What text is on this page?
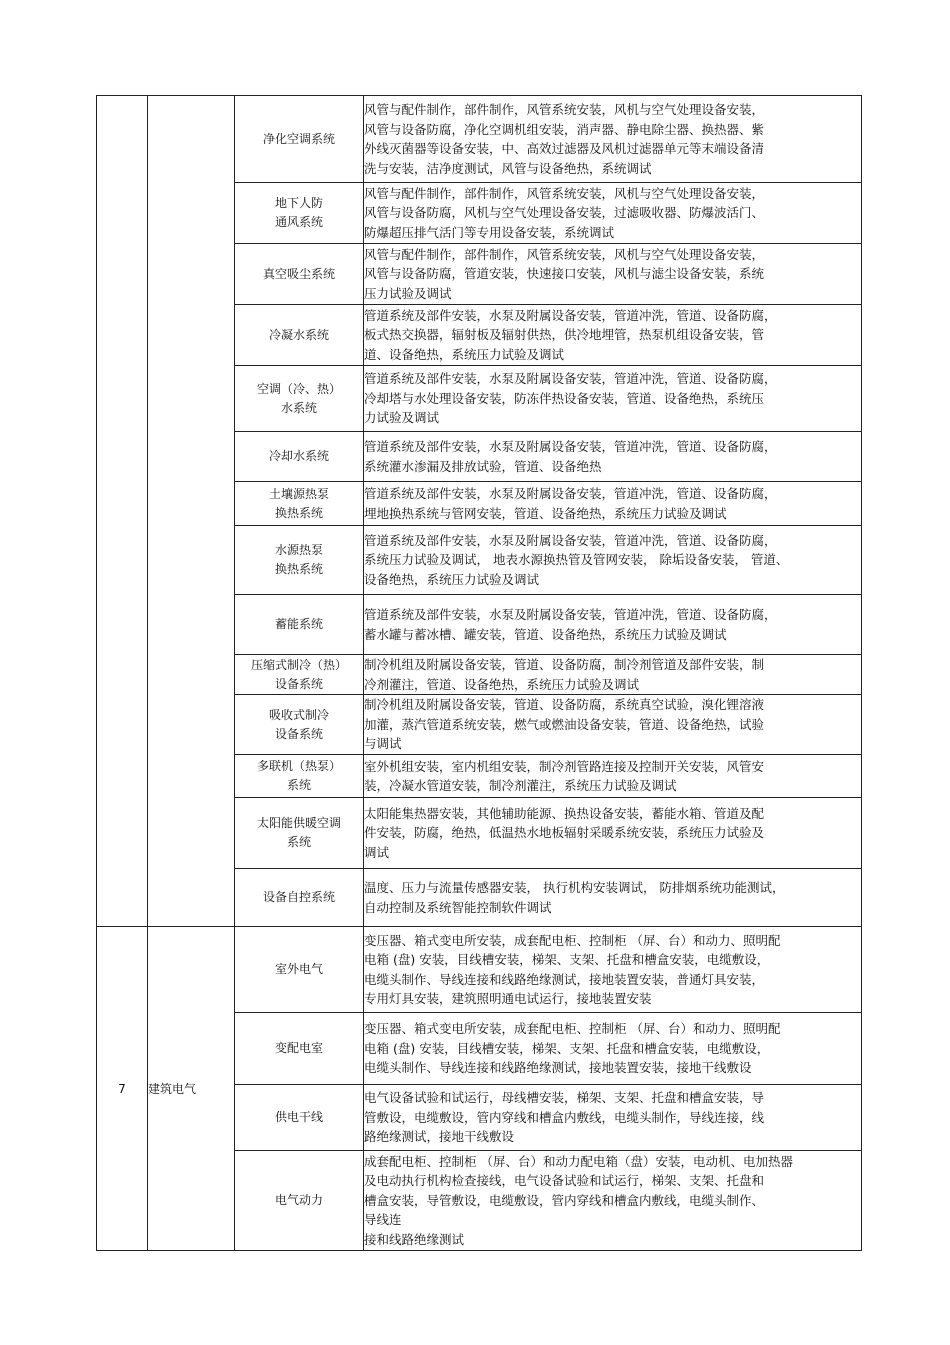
		净化空调系统	风管与配件制作，部件制作，风管系统安装，风机与空气处理设备安装，
风管与设备防腐，净化空调机组安装，消声器、静电除尘器、换热器、紫
外线灭菌器等设备安装，中、高效过滤器及风机过滤器单元等末端设备清
洗与安装，洁净度测试，风管与设备绝热，系统调试

		地下人防
通风系统	风管与配件制作，部件制作，风管系统安装，风机与空气处理设备安装，
风管与设备防腐，风机与空气处理设备安装，过滤吸收器、防爆波活门、
防爆超压排气活门等专用设备安装，系统调试

		真空吸尘系统	风管与配件制作，部件制作，风管系统安装，风机与空气处理设备安装，
风管与设备防腐，管道安装，快速接口安装，风机与滤尘设备安装，系统
压力试验及调试

		冷凝水系统	管道系统及部件安装，水泵及附属设备安装，管道冲洗，管道、设备防腐，
板式热交换器，辐射板及辐射供热，供冷地埋管，热泵机组设备安装，管
道、设备绝热，系统压力试验及调试

		空调（冷、热）
水系统	管道系统及部件安装，水泵及附属设备安装，管道冲洗，管道、设备防腐，
冷却塔与水处理设备安装，防冻伴热设备安装，管道、设备绝热，系统压
力试验及调试

		冷却水系统	管道系统及部件安装，水泵及附属设备安装，管道冲洗，管道、设备防腐，
系统灌水渗漏及排放试验，管道、设备绝热

		土壤源热泵
换热系统	管道系统及部件安装，水泵及附属设备安装，管道冲洗，管道、设备防腐，
埋地换热系统与管网安装，管道、设备绝热，系统压力试验及调试

		水源热泵
换热系统	管道系统及部件安装，水泵及附属设备安装，管道冲洗，管道、设备防腐，
系统压力试验及调试， 地表水源换热管及管网安装， 除垢设备安装， 管道、
设备绝热，系统压力试验及调试

		蓄能系统	管道系统及部件安装，水泵及附属设备安装，管道冲洗，管道、设备防腐，
蓄水罐与蓄冰槽、罐安装，管道、设备绝热，系统压力试验及调试

		压缩式制冷（热）
设备系统	制冷机组及附属设备安装，管道、设备防腐，制冷剂管道及部件安装，制
冷剂灌注，管道、设备绝热，系统压力试验及调试

		吸收式制冷
设备系统	制冷机组及附属设备安装，管道、设备防腐，系统真空试验，溴化锂溶液
加灌，蒸汽管道系统安装，燃气或燃油设备安装，管道、设备绝热，试验
与调试

		多联机（热泵）
系统	室外机组安装，室内机组安装，制冷剂管路连接及控制开关安装，风管安
装，冷凝水管道安装，制冷剂灌注，系统压力试验及调试

		太阳能供暖空调
系统	太阳能集热器安装，其他辅助能源、换热设备安装，蓄能水箱、管道及配
件安装，防腐，绝热，低温热水地板辐射采暖系统安装，系统压力试验及
调试

		设备自控系统	温度、压力与流量传感器安装， 执行机构安装调试， 防排烟系统功能测试，
自动控制及系统智能控制软件调试

7	建筑电气	室外电气	变压器、箱式变电所安装，成套配电柜、控制柜 （屏、台）和动力、照明配
电箱 (盘) 安装，目线槽安装，梯架、支架、托盘和槽盒安装，电缆敷设，
电缆头制作、导线连接和线路绝缘测试，接地装置安装，普通灯具安装，
专用灯具安装，建筑照明通电试运行，接地装置安装

		变配电室	变压器、箱式变电所安装，成套配电柜、控制柜 （屏、台）和动力、照明配
电箱 (盘) 安装，目线槽安装，梯架、支架、托盘和槽盒安装，电缆敷设，
电缆头制作、导线连接和线路绝缘测试，接地装置安装，接地干线敷设

		供电干线	电气设备试验和试运行，母线槽安装，梯架、支架、托盘和槽盒安装，导
管敷设，电缆敷设，管内穿线和槽盒内敷线，电缆头制作，导线连接，线
路绝缘测试，接地干线敷设

		电气动力	成套配电柜、控制柜 （屏、台）和动力配电箱（盘）安装，电动机、电加热器
及电动执行机构检查接线，电气设备试验和试运行，梯架、支架、托盘和
槽盒安装，导管敷设，电缆敷设，管内穿线和槽盒内敷线，电缆头制作、
导线连
接和线路绝缘测试
